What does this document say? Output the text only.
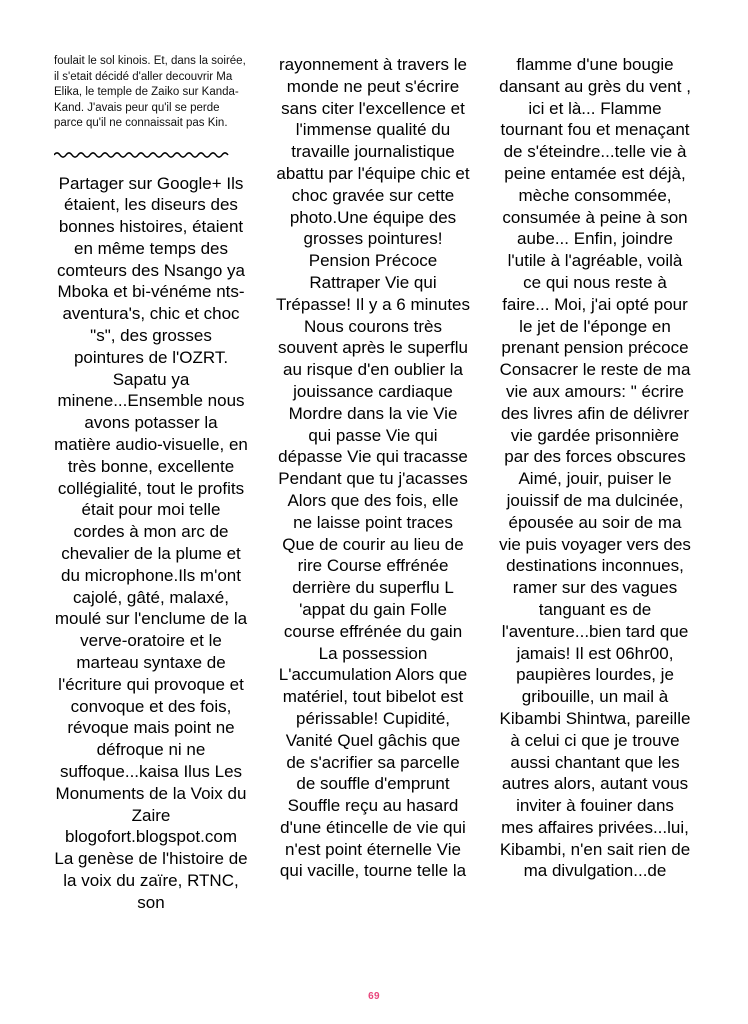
foulait le sol kinois. Et, dans la soirée, il s'etait décidé d'aller decouvrir Ma Elika, le temple de Zaiko sur Kanda-Kand. J'avais peur qu'il se perde parce qu'il ne connaissait pas Kin.

Partager sur Google+ Ils étaient, les diseurs des bonnes histoires, étaient en même temps des comteurs des Nsango ya Mboka et bi-vénéme nts-aventura's, chic et choc "s", des grosses pointures de l'OZRT. Sapatu ya minene...Ensemble nous avons potasser la matière audio-visuelle, en très bonne, excellente collégialité, tout le profits était pour moi telle cordes à mon arc de chevalier de la plume et du microphone.Ils m'ont cajolé, gâté, malaxé, moulé sur l'enclume de la verve-oratoire et le marteau syntaxe de l'écriture qui provoque et convoque et des fois, révoque mais point ne défroque ni ne suffoque...kaisa Ilus Les Monuments de la Voix du Zaire blogofort.blogspot.com La genèse de l'histoire de la voix du zaïre, RTNC, son

rayonnement à travers le monde ne peut s'écrire sans citer l'excellence et l'immense qualité du travaille journalistique abattu par l'équipe chic et choc gravée sur cette photo.Une équipe des grosses pointures! Pension Précoce Rattraper Vie qui Trépasse! Il y a 6 minutes Nous courons très souvent après le superflu au risque d'en oublier la jouissance cardiaque Mordre dans la vie Vie qui passe Vie qui dépasse Vie qui tracasse Pendant que tu j'acasses Alors que des fois, elle ne laisse point traces Que de courir au lieu de rire Course effrénée derrière du superflu L 'appat du gain Folle course effrénée du gain La possession L'accumulation Alors que matériel, tout bibelot est périssable! Cupidité, Vanité Quel gâchis que de s'acrifier sa parcelle de souffle d'emprunt Souffle reçu au hasard d'une étincelle de vie qui n'est point éternelle Vie qui vacille, tourne telle la

flamme d'une bougie dansant au grès du vent , ici et là... Flamme tournant fou et menaçant de s'éteindre...telle vie à peine entamée est déjà, mèche consommée, consumée à peine à son aube... Enfin, joindre l'utile à l'agréable, voilà ce qui nous reste à faire... Moi, j'ai opté pour le jet de l'éponge en prenant pension précoce Consacrer le reste de ma vie aux amours: " écrire des livres afin de délivrer vie gardée prisonnière par des forces obscures Aimé, jouir, puiser le jouissif de ma dulcinée, épousée au soir de ma vie puis voyager vers des destinations inconnues, ramer sur des vagues tanguant es de l'aventure...bien tard que jamais! Il est 06hr00, paupières lourdes, je gribouille, un mail à Kibambi Shintwa, pareille à celui ci que je trouve aussi chantant que les autres alors, autant vous inviter à fouiner dans mes affaires privées...lui, Kibambi, n'en sait rien de ma divulgation...de

69
